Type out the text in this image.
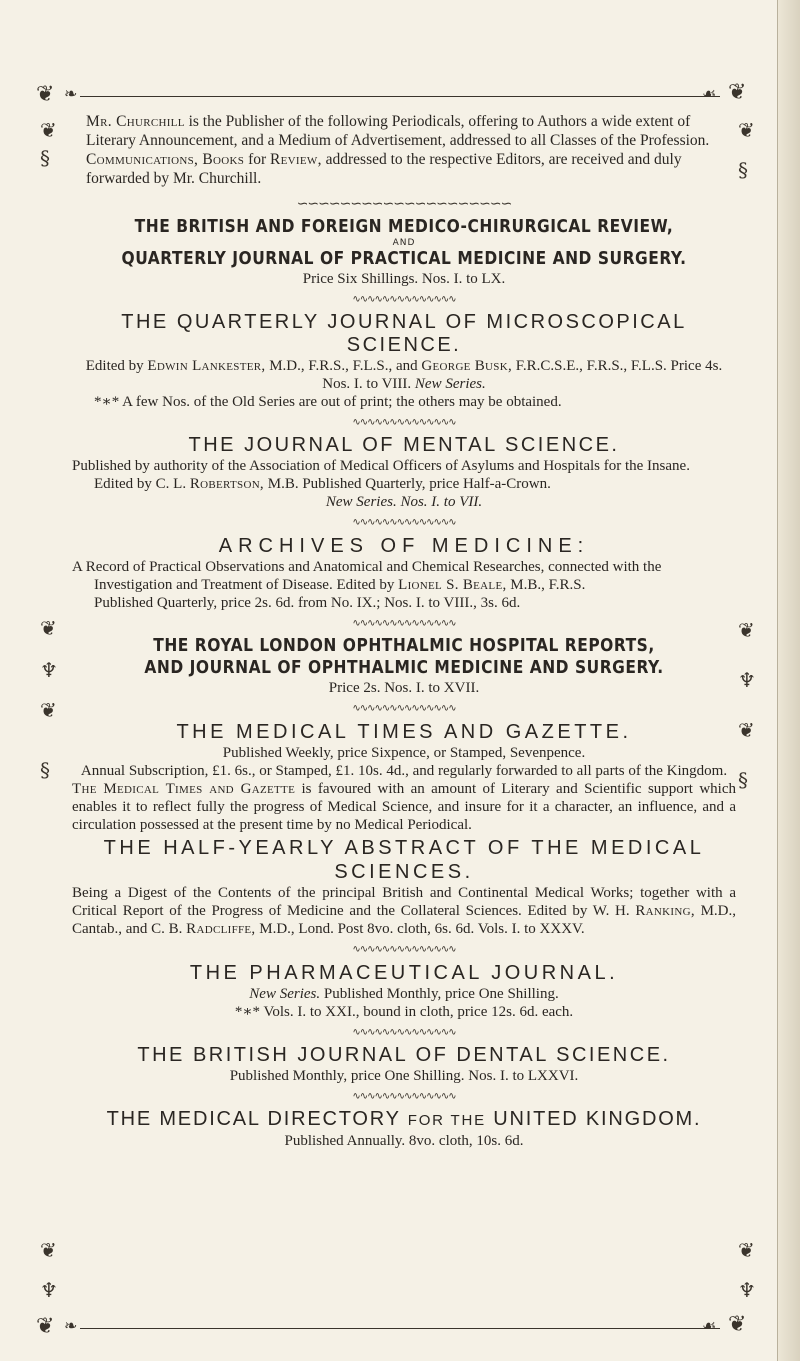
❦ ❧	☙ ❦
❦ ❧	☙ ❦
❦
§
❦
♆
❦
§
❦
♆
❦
§
❦
♆
❦
§
❦
♆

Mr. Churchill is the Publisher of the following Periodicals, offering to Authors a wide extent of Literary Announcement, and a Medium of Advertisement, addressed to all Classes of the Profession. Communications, Books for Review, addressed to the respective Editors, are received and duly forwarded by Mr. Churchill.

∽∽∽∽∽∽∽∽∽∽∽∽∽∽∽∽∽∽∽∽
THE BRITISH AND FOREIGN MEDICO-CHIRURGICAL REVIEW,
AND
QUARTERLY JOURNAL OF PRACTICAL MEDICINE AND SURGERY.

Price Six Shillings. Nos. I. to LX.

∿∿∿∿∿∿∿∿∿∿∿∿∿∿
THE QUARTERLY JOURNAL OF MICROSCOPICAL SCIENCE.

Edited by Edwin Lankester, M.D., F.R.S., F.L.S., and George Busk, F.R.C.S.E., F.R.S., F.L.S. Price 4s. Nos. I. to VIII. New Series.

*∗* A few Nos. of the Old Series are out of print; the others may be obtained.

∿∿∿∿∿∿∿∿∿∿∿∿∿∿
THE JOURNAL OF MENTAL SCIENCE.

Published by authority of the Association of Medical Officers of Asylums and Hospitals for the Insane.

Edited by C. L. Robertson, M.B. Published Quarterly, price Half-a-Crown.

New Series. Nos. I. to VII.

∿∿∿∿∿∿∿∿∿∿∿∿∿∿
ARCHIVES OF MEDICINE:

A Record of Practical Observations and Anatomical and Chemical Researches, connected with the Investigation and Treatment of Disease. Edited by Lionel S. Beale, M.B., F.R.S.

Published Quarterly, price 2s. 6d. from No. IX.; Nos. I. to VIII., 3s. 6d.

∿∿∿∿∿∿∿∿∿∿∿∿∿∿
THE ROYAL LONDON OPHTHALMIC HOSPITAL REPORTS, AND JOURNAL OF OPHTHALMIC MEDICINE AND SURGERY.

Price 2s. Nos. I. to XVII.

∿∿∿∿∿∿∿∿∿∿∿∿∿∿
THE MEDICAL TIMES AND GAZETTE.

Published Weekly, price Sixpence, or Stamped, Sevenpence.

Annual Subscription, £1. 6s., or Stamped, £1. 10s. 4d., and regularly forwarded to all parts of the Kingdom.

The Medical Times and Gazette is favoured with an amount of Literary and Scientific support which enables it to reflect fully the progress of Medical Science, and insure for it a character, an influence, and a circulation possessed at the present time by no Medical Periodical.

THE HALF-YEARLY ABSTRACT OF THE MEDICAL SCIENCES.

Being a Digest of the Contents of the principal British and Continental Medical Works; together with a Critical Report of the Progress of Medicine and the Collateral Sciences. Edited by W. H. Ranking, M.D., Cantab., and C. B. Radcliffe, M.D., Lond. Post 8vo. cloth, 6s. 6d. Vols. I. to XXXV.

∿∿∿∿∿∿∿∿∿∿∿∿∿∿
THE PHARMACEUTICAL JOURNAL.

New Series. Published Monthly, price One Shilling.

*∗* Vols. I. to XXI., bound in cloth, price 12s. 6d. each.

∿∿∿∿∿∿∿∿∿∿∿∿∿∿
THE BRITISH JOURNAL OF DENTAL SCIENCE.

Published Monthly, price One Shilling. Nos. I. to LXXVI.

∿∿∿∿∿∿∿∿∿∿∿∿∿∿
THE MEDICAL DIRECTORY FOR THE UNITED KINGDOM.

Published Annually. 8vo. cloth, 10s. 6d.
